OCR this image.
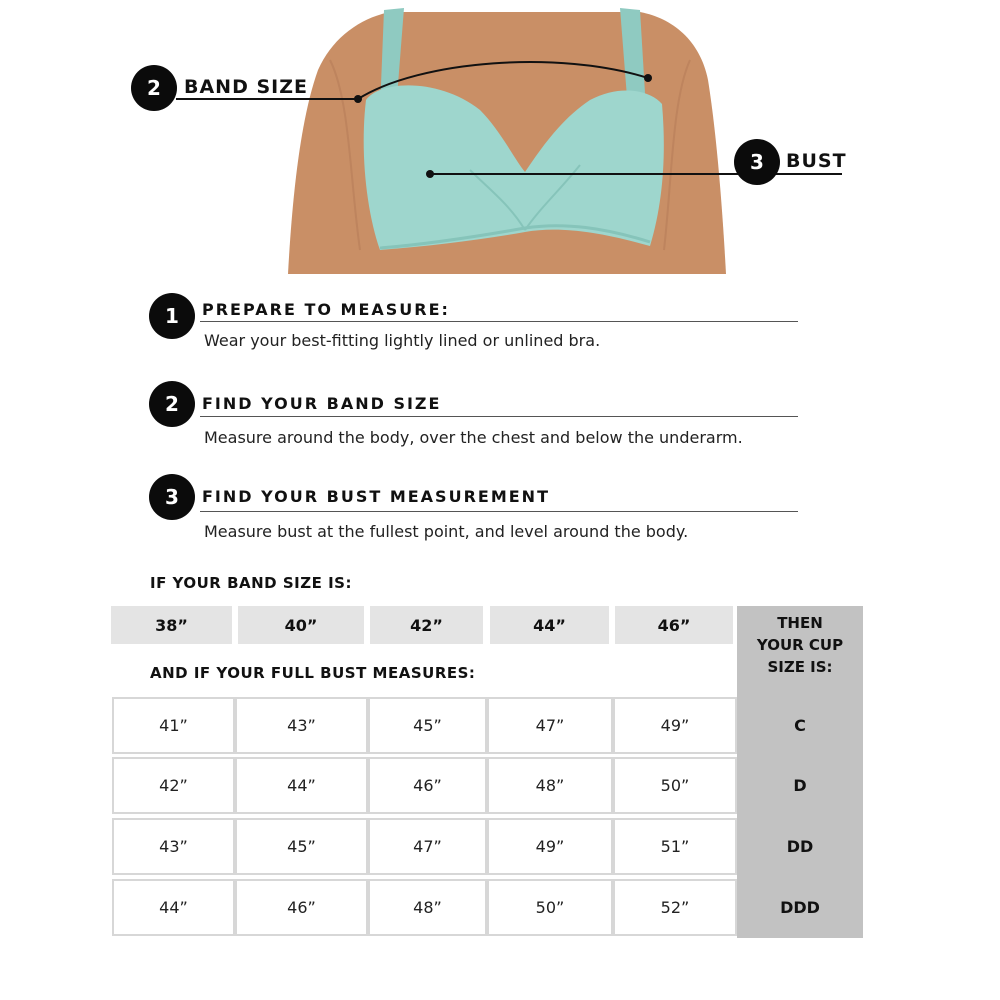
2	BAND SIZE
3	BUST
1	PREPARE TO MEASURE:
Wear your best-fitting lightly lined or unlined bra.
2	FIND YOUR BAND SIZE
Measure around the body, over the chest and below the underarm.
3	FIND YOUR BUST MEASUREMENT
Measure bust at the fullest point, and level around the body.
IF YOUR BAND SIZE IS:
THEN
YOUR CUP
SIZE IS:
38”	40”	42”	44”	46”
AND IF YOUR FULL BUST MEASURES:
41”	43”	45”	47”	49”	C
42”	44”	46”	48”	50”	D
43”	45”	47”	49”	51”	DD
44”	46”	48”	50”	52”	DDD
